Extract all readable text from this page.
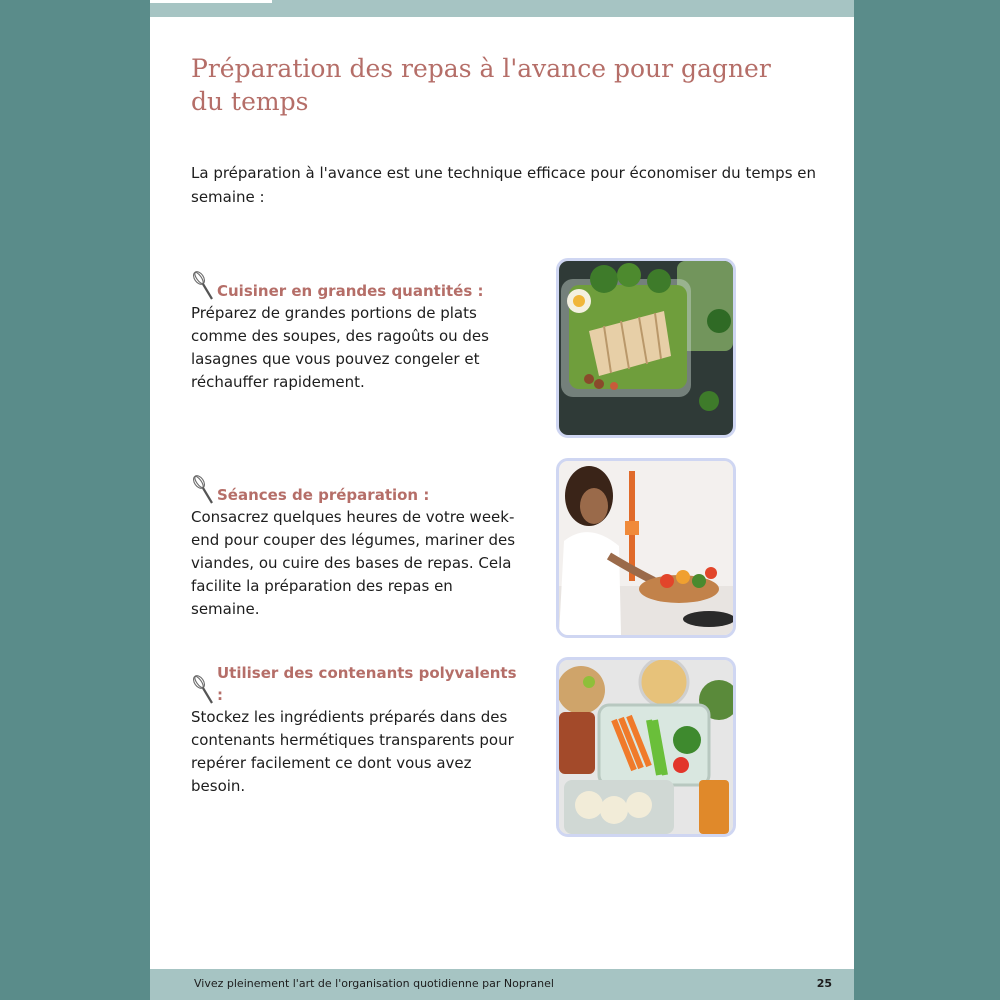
Préparation des repas à l'avance pour gagner du temps

La préparation à l'avance est une technique efficace pour économiser du temps en semaine :

Cuisiner en grandes quantités :

Préparez de grandes portions de plats comme des soupes, des ragoûts ou des lasagnes que vous pouvez congeler et réchauffer rapidement.

Séances de préparation :

Consacrez quelques heures de votre week-end pour couper des légumes, mariner des viandes, ou cuire des bases de repas. Cela facilite la préparation des repas en semaine.

Utiliser des contenants polyvalents :

Stockez les ingrédients préparés dans des contenants hermétiques transparents pour repérer facilement ce dont vous avez besoin.

Vivez pleinement l'art de l'organisation quotidienne par Nopranel	25
